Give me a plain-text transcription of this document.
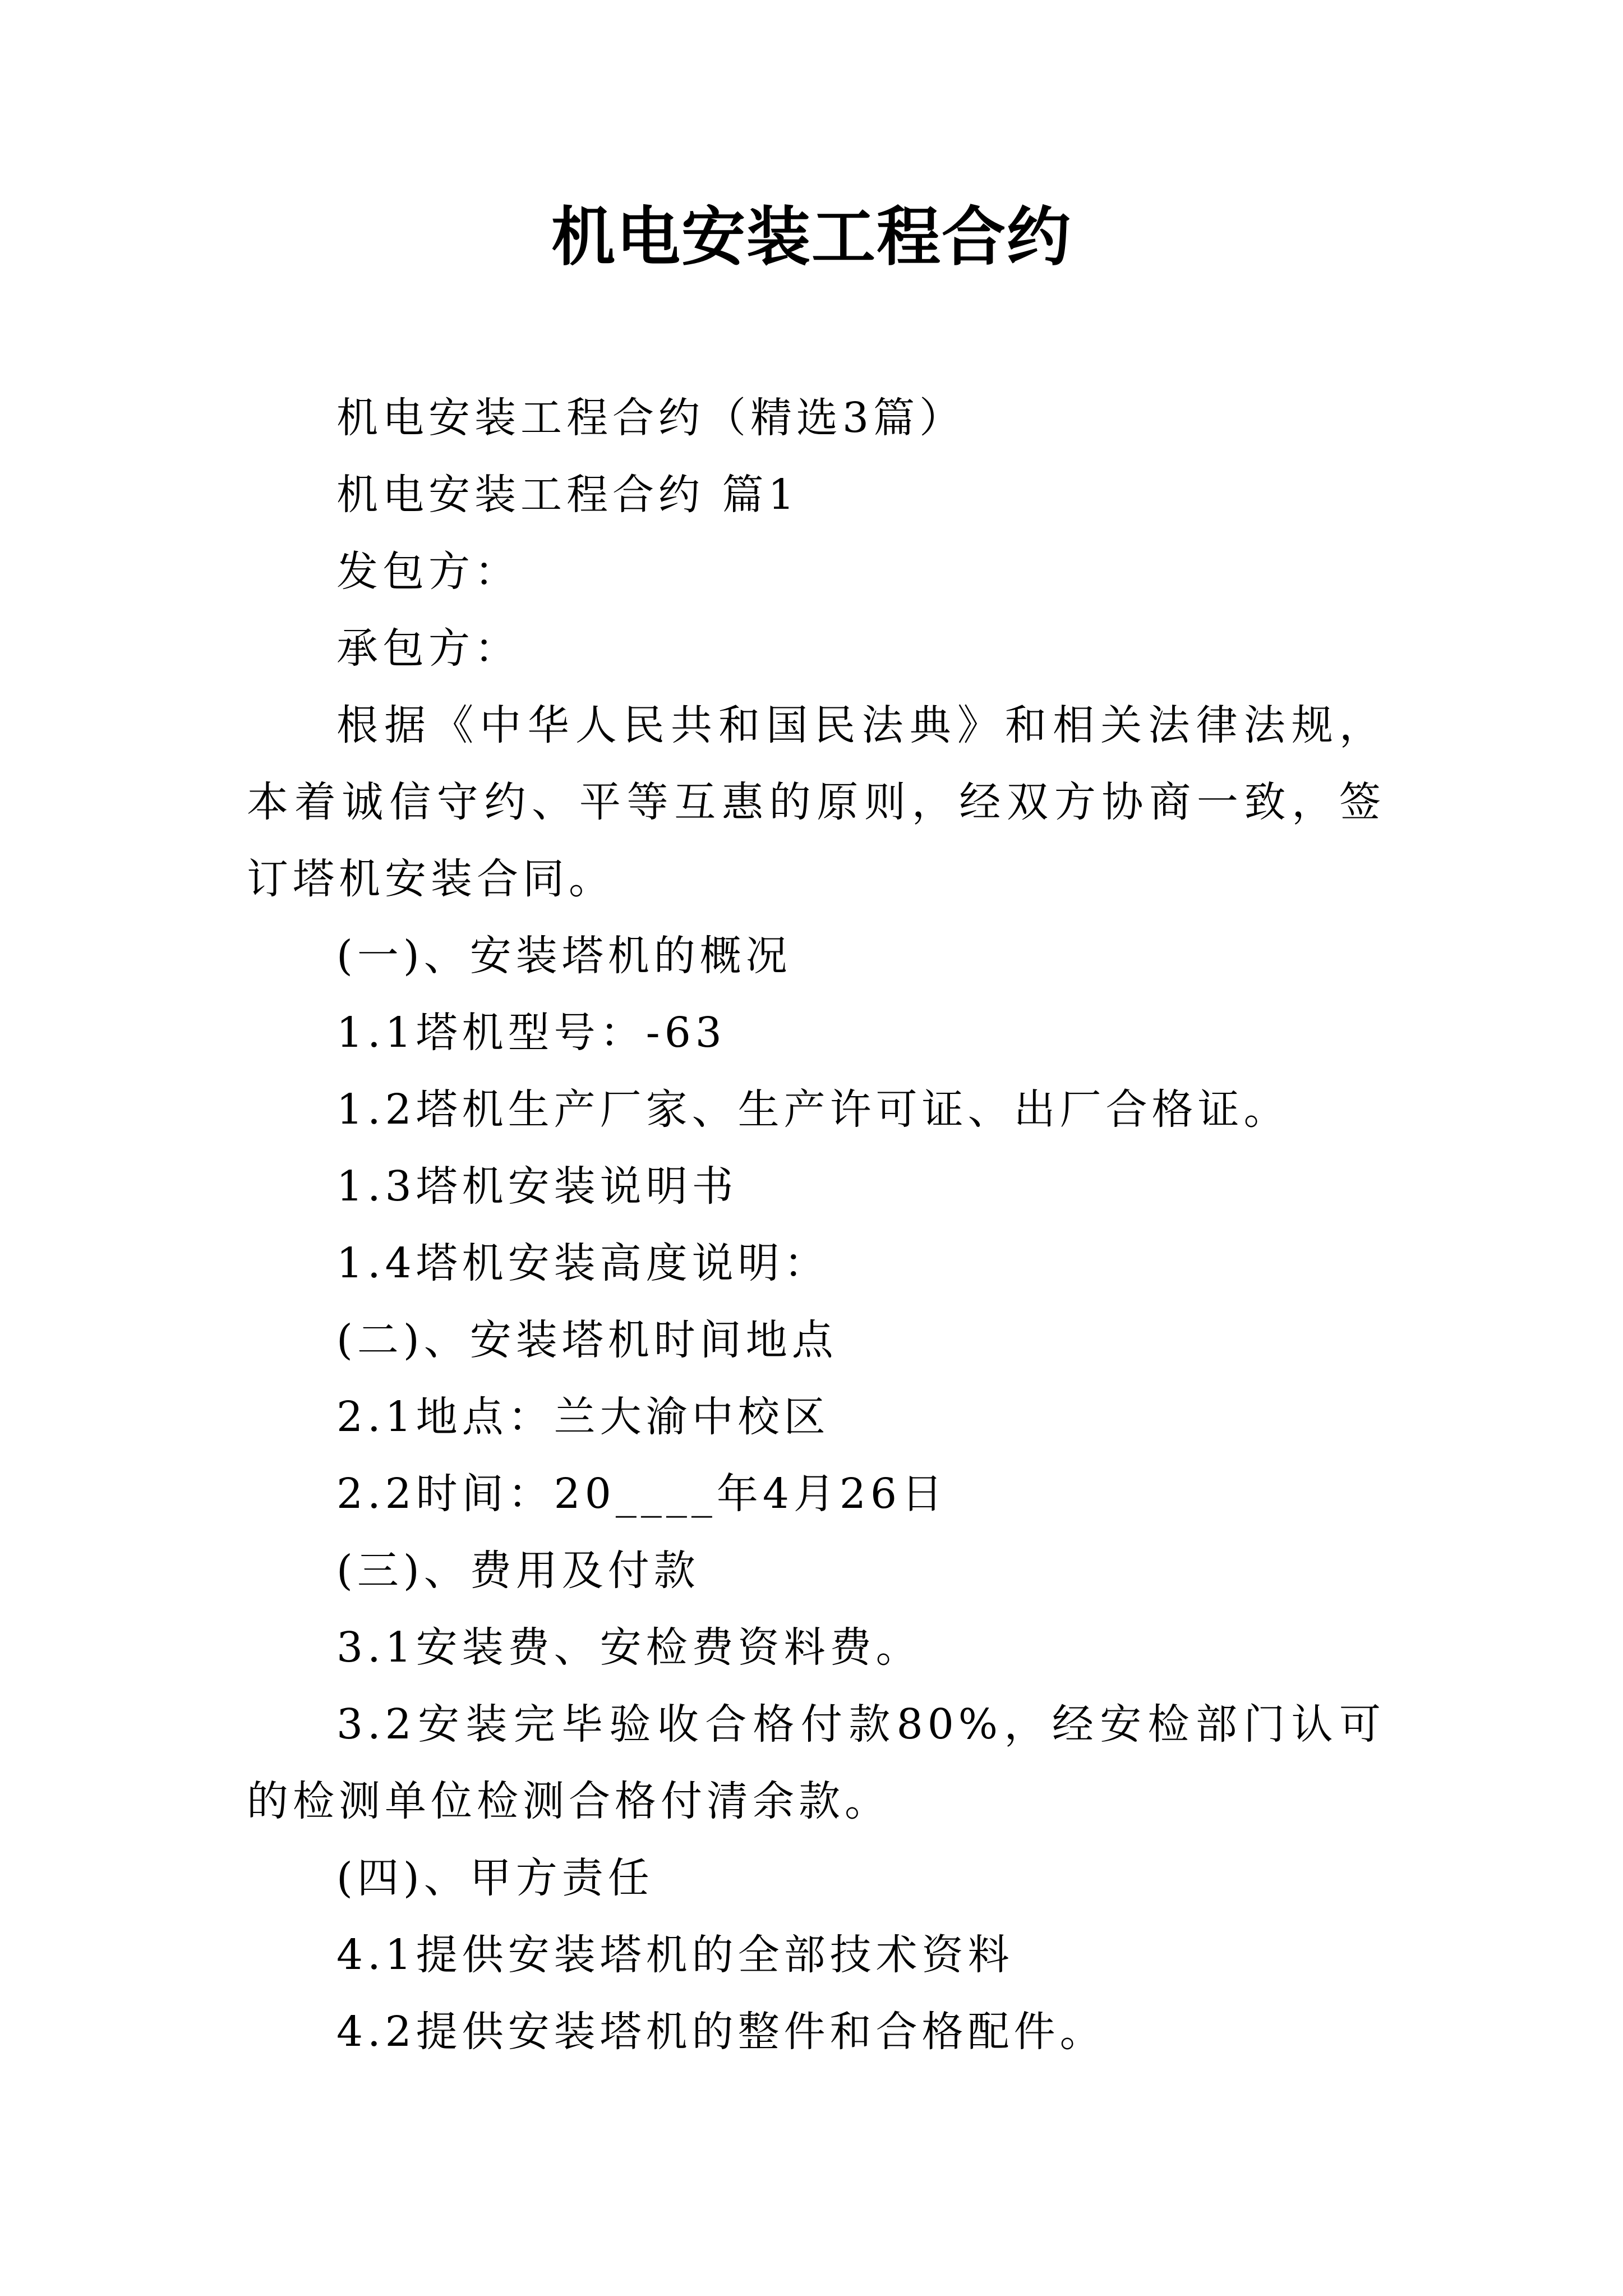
机电安装工程合约

机电安装工程合约（精选3篇）

机电安装工程合约 篇1

发包方：

承包方：

根据《中华人民共和国民法典》和相关法律法规，本着诚信守约、平等互惠的原则，经双方协商一致，签订塔机安装合同。

(一)、安装塔机的概况

1.1塔机型号：-63

1.2塔机生产厂家、生产许可证、出厂合格证。

1.3塔机安装说明书

1.4塔机安装高度说明：

(二)、安装塔机时间地点

2.1地点：兰大渝中校区

2.2时间：20____年4月26日

(三)、费用及付款

3.1安装费、安检费资料费。

3.2安装完毕验收合格付款80%，经安检部门认可的检测单位检测合格付清余款。

(四)、甲方责任

4.1提供安装塔机的全部技术资料

4.2提供安装塔机的整件和合格配件。
